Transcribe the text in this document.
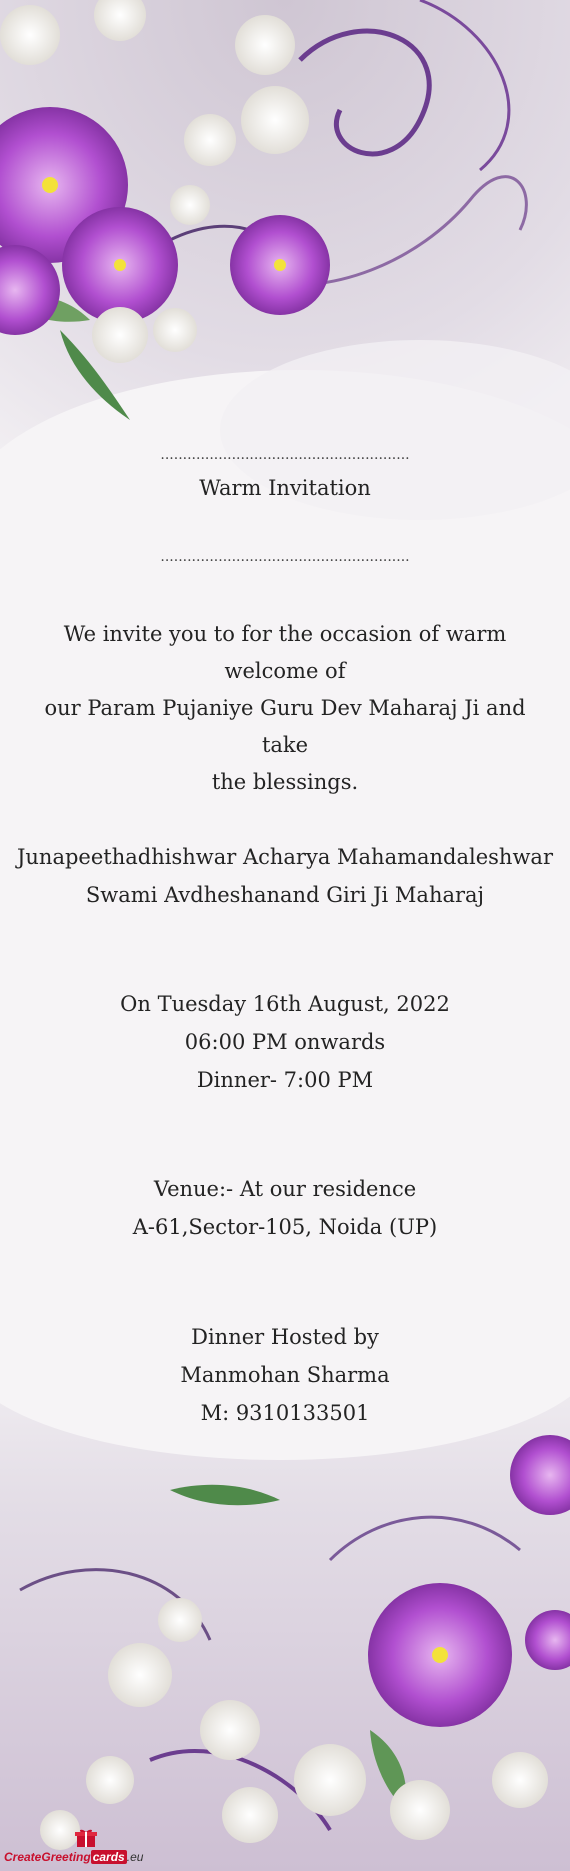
........................................................
Warm Invitation
........................................................
We invite you to for the occasion of warm welcome of
our Param Pujaniye Guru Dev Maharaj Ji and take
the blessings.
Junapeethadhishwar Acharya Mahamandaleshwar
Swami Avdheshanand Giri Ji Maharaj
On Tuesday 16th August, 2022
06:00 PM onwards
Dinner- 7:00 PM
Venue:- At our residence
A-61,Sector-105, Noida (UP)
Dinner Hosted by
Manmohan Sharma
M: 9310133501
CreateGreeting cards .eu
